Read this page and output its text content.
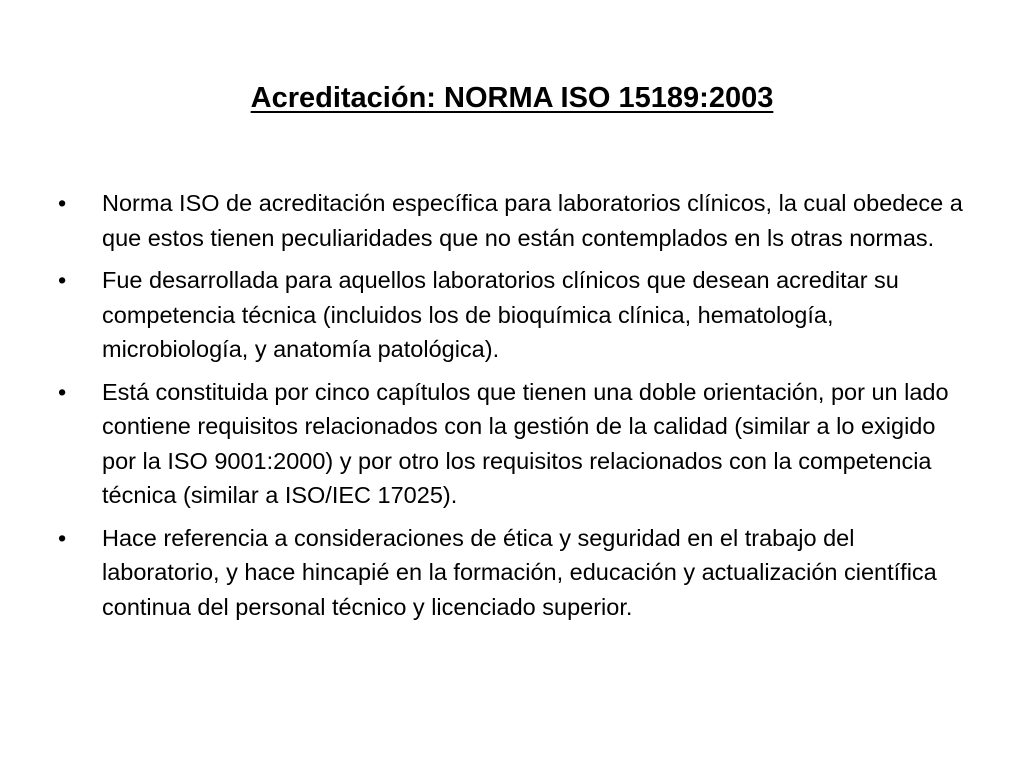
Acreditación: NORMA ISO 15189:2003
•	Norma ISO de acreditación específica para laboratorios clínicos, la cual obedece a que estos tienen peculiaridades que no están contemplados en ls otras normas.
•	Fue desarrollada para aquellos laboratorios clínicos que desean acreditar su competencia técnica (incluidos los de bioquímica clínica, hematología, microbiología, y anatomía patológica).
•	Está constituida por cinco capítulos que tienen una doble orientación, por un lado contiene requisitos relacionados con la gestión de la calidad (similar a lo exigido por la ISO 9001:2000) y por otro los requisitos relacionados con la competencia técnica (similar a ISO/IEC 17025).
•	Hace referencia a consideraciones de ética y seguridad en el trabajo del laboratorio, y hace hincapié en la formación, educación y actualización científica continua del personal técnico y licenciado superior.
